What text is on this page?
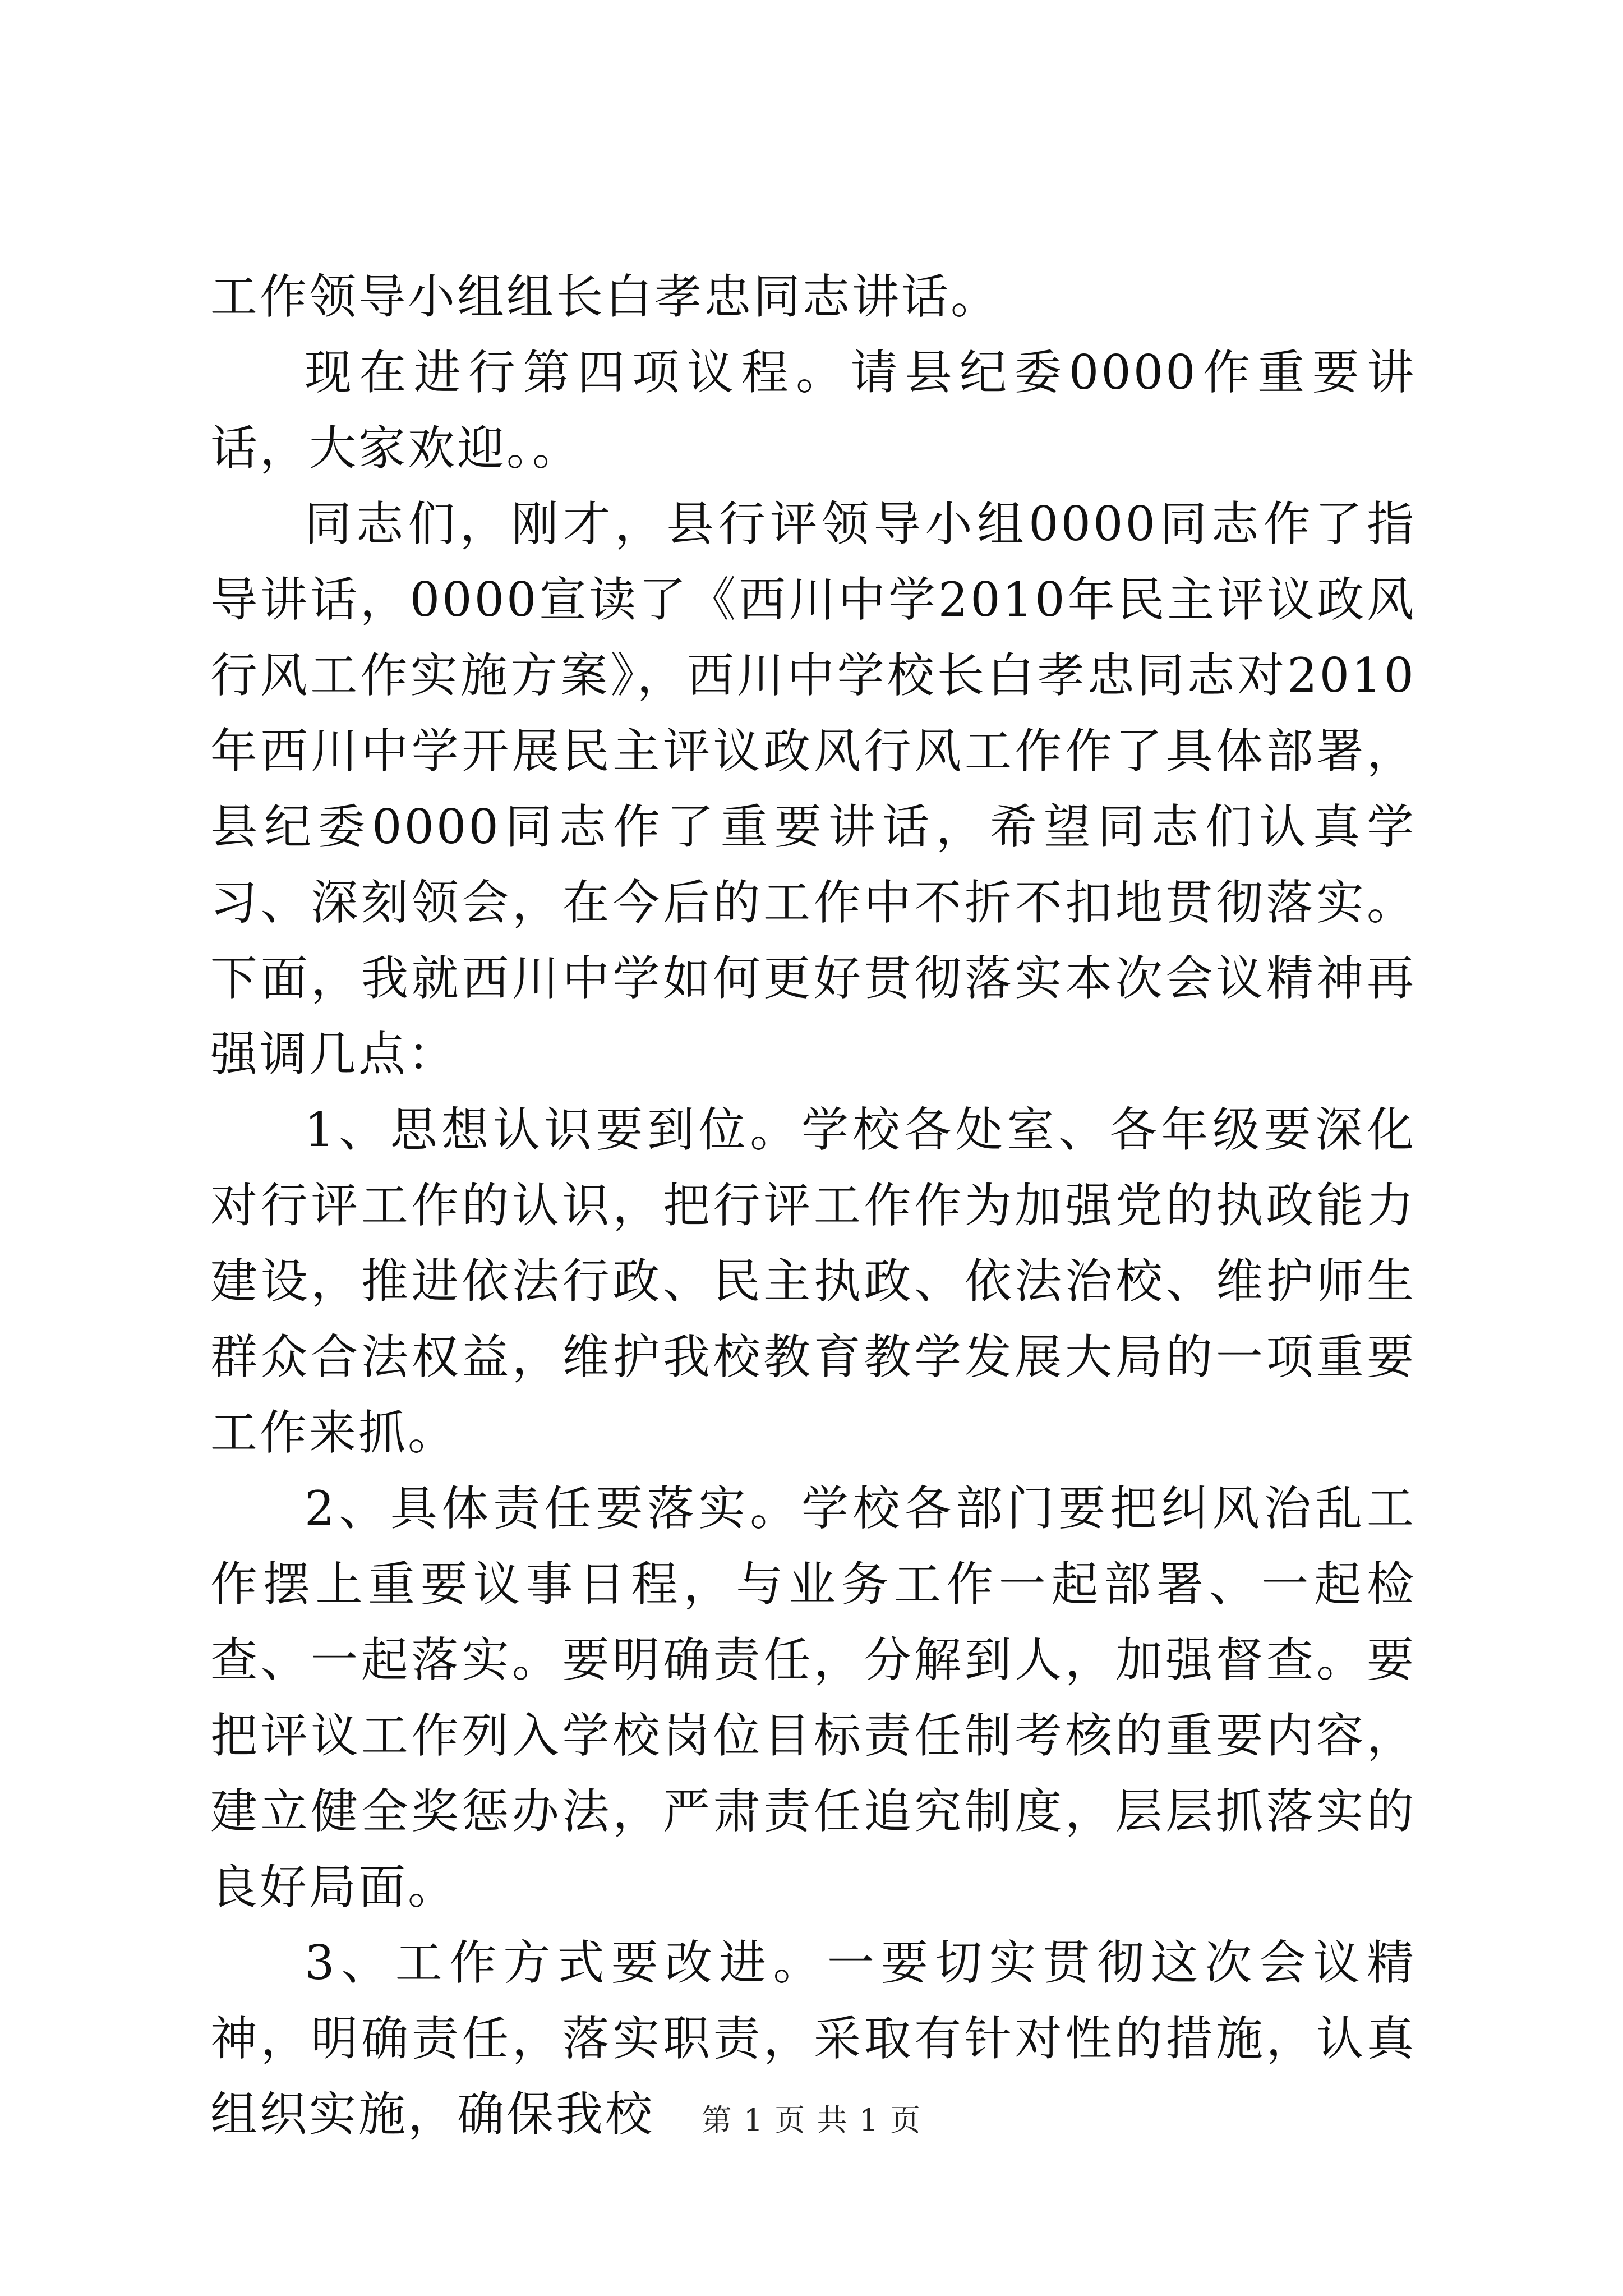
工作领导小组组长白孝忠同志讲话。

现在进行第四项议程。请县纪委0000作重要讲话，大家欢迎。。

同志们，刚才，县行评领导小组0000同志作了指导讲话，0000宣读了《西川中学2010年民主评议政风行风工作实施方案》，西川中学校长白孝忠同志对2010年西川中学开展民主评议政风行风工作作了具体部署，县纪委0000同志作了重要讲话，希望同志们认真学习、深刻领会，在今后的工作中不折不扣地贯彻落实。下面，我就西川中学如何更好贯彻落实本次会议精神再强调几点：

1、思想认识要到位。学校各处室、各年级要深化对行评工作的认识，把行评工作作为加强党的执政能力建设，推进依法行政、民主执政、依法治校、维护师生群众合法权益，维护我校教育教学发展大局的一项重要工作来抓。

2、具体责任要落实。学校各部门要把纠风治乱工作摆上重要议事日程，与业务工作一起部署、一起检查、一起落实。要明确责任，分解到人，加强督查。要把评议工作列入学校岗位目标责任制考核的重要内容，建立健全奖惩办法，严肃责任追究制度，层层抓落实的良好局面。

3、工作方式要改进。一要切实贯彻这次会议精神，明确责任，落实职责，采取有针对性的措施，认真组织实施，确保我校	第 1 页 共 1 页
